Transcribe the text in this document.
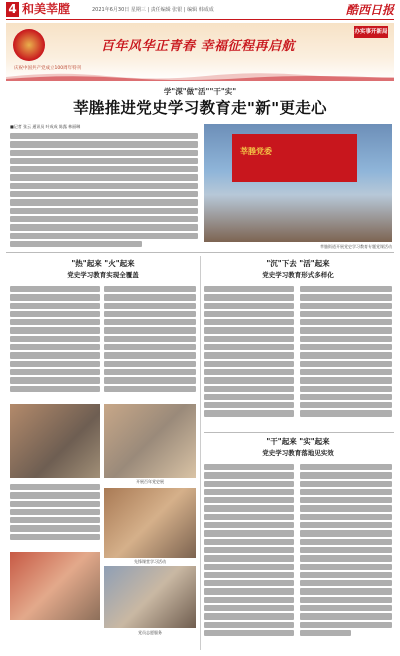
4 和美莘膛	2021年6月30日 星期三 | 责任编辑 张银 | 编辑 韩成成	酷西日报
百年风华正青春 幸福征程再启航
庆祝中国共产党成立100周年特刊
办实事开新局
学"深"做"活""干"实"
莘塍推进党史学习教育走"新"更走心
■记者 张云 通讯员 叶成成 陈露 林丽琳
莘塍党委
莘塍街道开展党史学习教育专题党课活动
"热"起来 "火"起来
党史学习教育实现全覆盖
开展百年党史展
先锋课堂学习活动
党员志愿服务
"沉"下去 "活"起来
党史学习教育形式多样化
"干"起来 "实"起来
党史学习教育落地见实效
